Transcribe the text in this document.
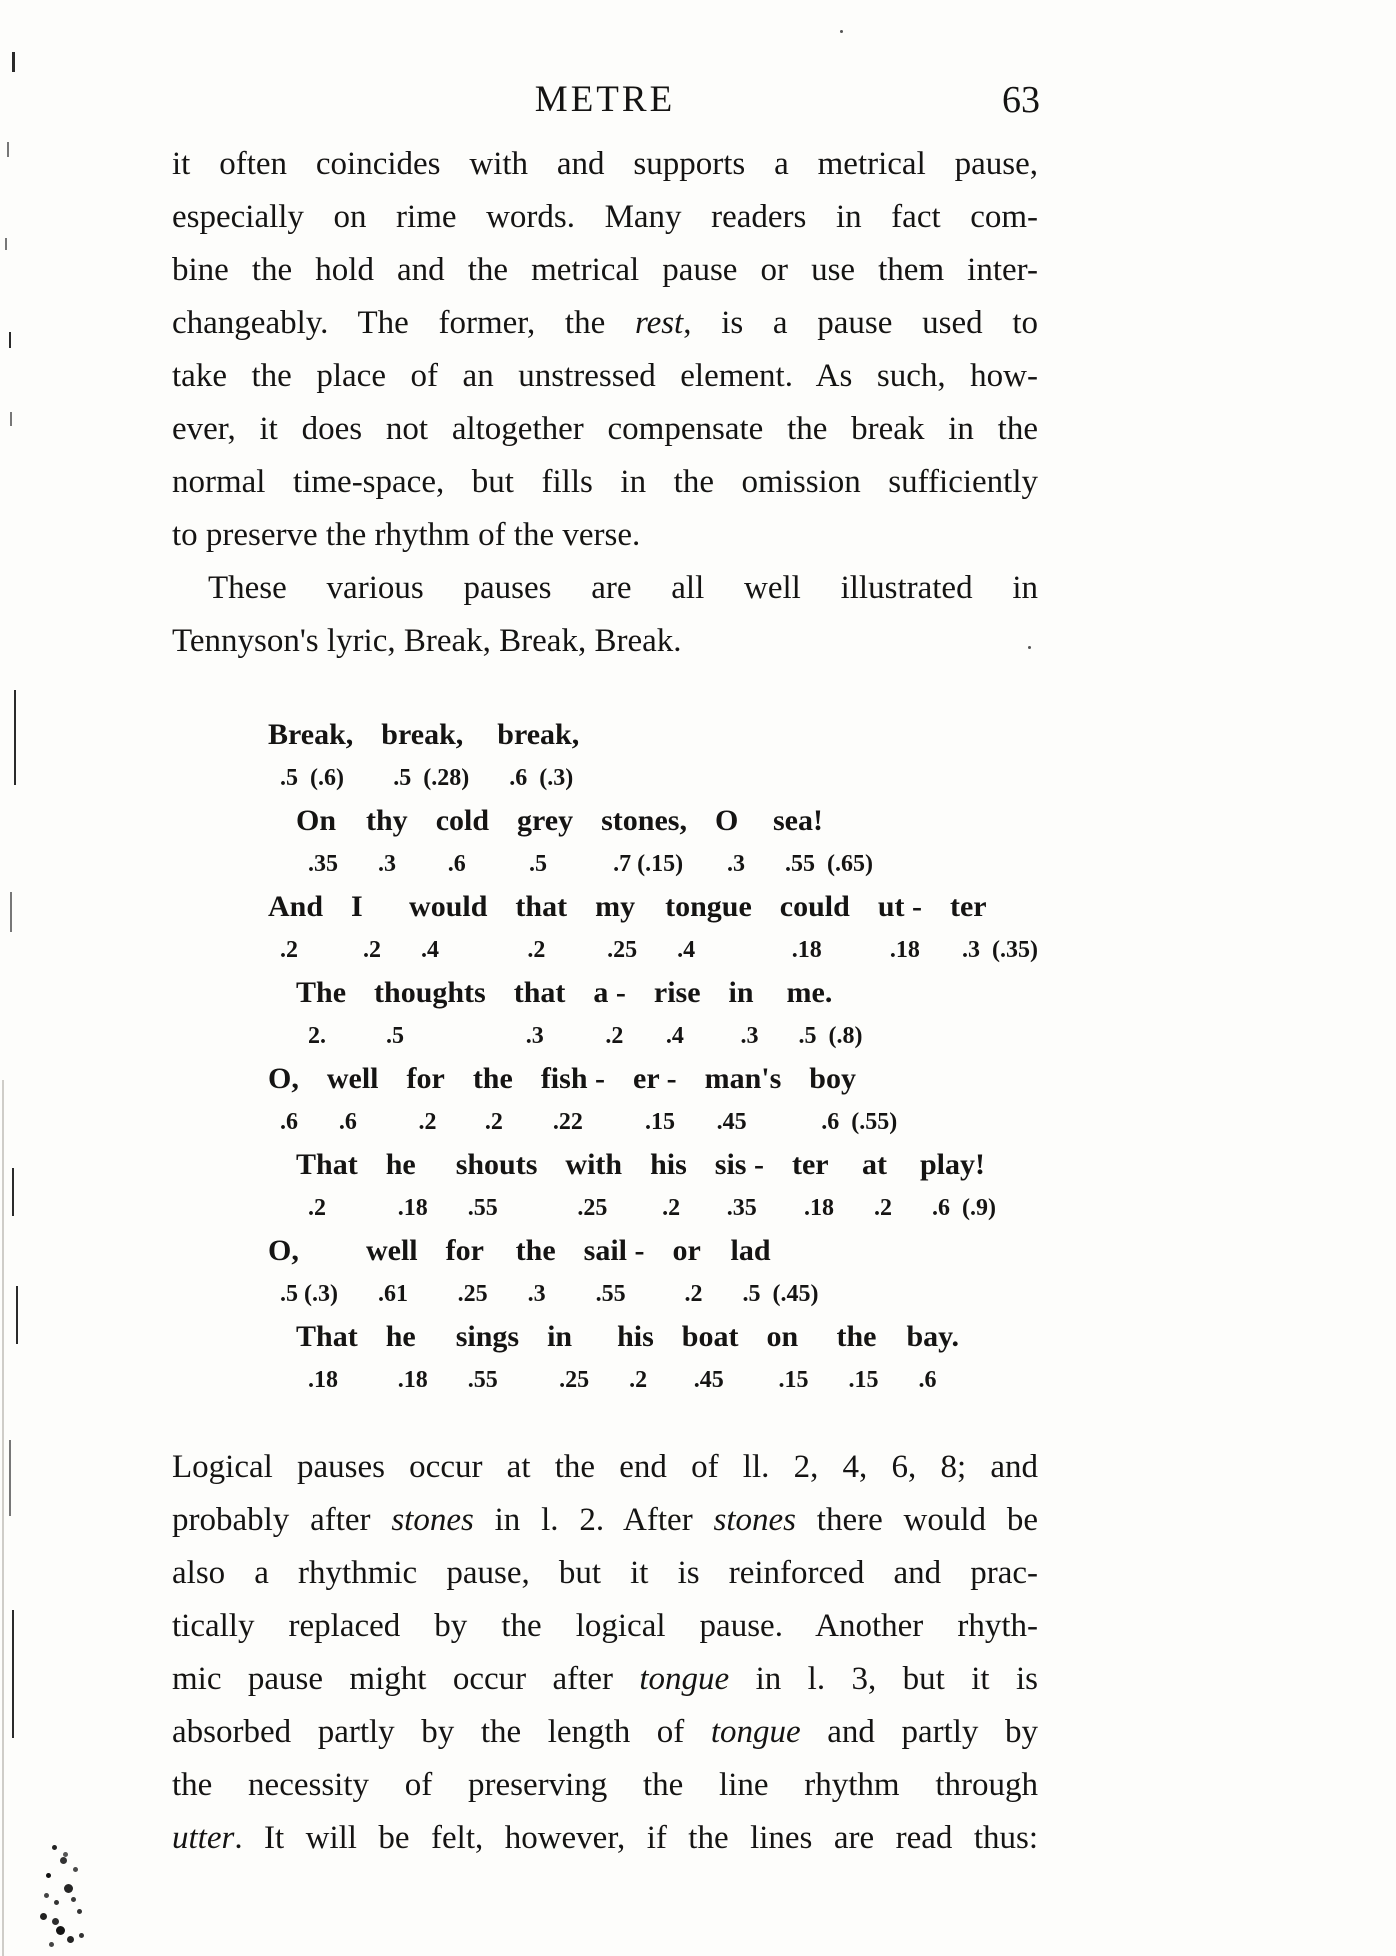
METRE	63
it often coincides with and supports a metrical pause,
especially on rime words. Many readers in fact com-
bine the hold and the metrical pause or use them inter-
changeably. The former, the rest, is a pause used to
take the place of an unstressed element. As such, how-
ever, it does not altogether compensate the break in the
normal time-space, but fills in the omission sufficiently
to preserve the rhythm of the verse.
These various pauses are all well illustrated in
Tennyson's lyric, Break, Break, Break.
Break,
.5  (.6)
break,
.5  (.28)
break,
.6  (.3)
On
.35
thy
.3
cold
.6
grey
.5
stones,
.7 (.15)
O
.3
sea!
.55  (.65)
And
.2
I
.2
would
.4
that
.2
my
.25
tongue
.4
could
.18
ut -
.18
ter
.3  (.35)
The
2.
thoughts
.5
that
.3
a -
.2
rise
.4
in
.3
me.
.5  (.8)
O,
.6
well
.6
for
.2
the
.2
fish -
.22
er -
.15
man's
.45
boy
.6  (.55)
That
.2
he
.18
shouts
.55
with
.25
his
.2
sis -
.35
ter
.18
at
.2
play!
.6  (.9)
O,
.5 (.3)
well
.61
for
.25
the
.3
sail -
.55
or
.2
lad
.5  (.45)
That
.18
he
.18
sings
.55
in
.25
his
.2
boat
.45
on
.15
the
.15
bay.
.6
Logical pauses occur at the end of ll. 2, 4, 6, 8; and
probably after stones in l. 2. After stones there would be
also a rhythmic pause, but it is reinforced and prac-
tically replaced by the logical pause. Another rhyth-
mic pause might occur after tongue in l. 3, but it is
absorbed partly by the length of tongue and partly by
the necessity of preserving the line rhythm through
utter. It will be felt, however, if the lines are read thus:
